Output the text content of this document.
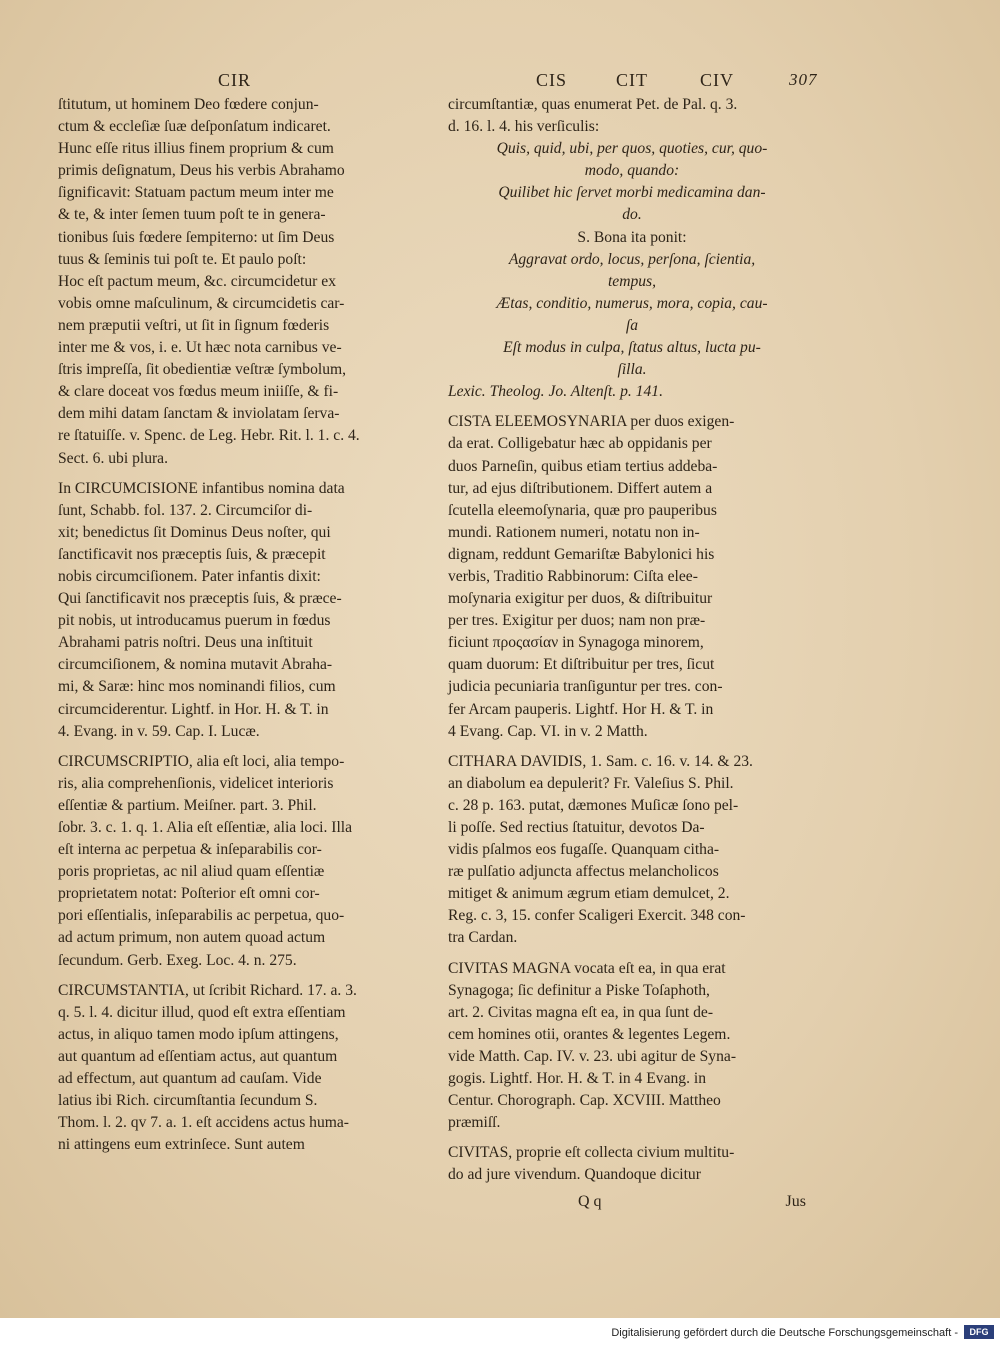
CIR
ſtitutum, ut hominem Deo fœdere conjun-
ctum & eccleſiæ ſuæ deſponſatum indicaret.
Hunc eſſe ritus illius finem proprium & cum
primis deſignatum, Deus his verbis Abrahamo
ſignificavit: Statuam pactum meum inter me
& te, & inter ſemen tuum poſt te in genera-
tionibus ſuis fœdere ſempiterno: ut ſim Deus
tuus & ſeminis tui poſt te. Et paulo poſt:
Hoc eſt pactum meum, &c. circumcidetur ex
vobis omne maſculinum, & circumcidetis car-
nem præputii veſtri, ut ſit in ſignum fœderis
inter me & vos, i. e. Ut hæc nota carnibus ve-
ſtris impreſſa, ſit obedientiæ veſtræ ſymbolum,
& clare doceat vos fœdus meum iniiſſe, & fi-
dem mihi datam ſanctam & inviolatam ſerva-
re ſtatuiſſe. v. Spenc. de Leg. Hebr. Rit. l. 1. c. 4.
Sect. 6. ubi plura.
In CIRCUMCISIONE infantibus nomina data
ſunt, Schabb. fol. 137. 2. Circumciſor di-
xit; benedictus ſit Dominus Deus noſter, qui
ſanctificavit nos præceptis ſuis, & præcepit
nobis circumciſionem. Pater infantis dixit:
Qui ſanctificavit nos præceptis ſuis, & præce-
pit nobis, ut introducamus puerum in fœdus
Abrahami patris noſtri. Deus una inſtituit
circumciſionem, & nomina mutavit Abraha-
mi, & Saræ: hinc mos nominandi filios, cum
circumciderentur. Lightf. in Hor. H. & T. in
4. Evang. in v. 59. Cap. I. Lucæ.
CIRCUMSCRIPTIO, alia eſt loci, alia tempo-
ris, alia comprehenſionis, videlicet interioris
eſſentiæ & partium. Meiſner. part. 3. Phil.
ſobr. 3. c. 1. q. 1. Alia eſt eſſentiæ, alia loci. Illa
eſt interna ac perpetua & inſeparabilis cor-
poris proprietas, ac nil aliud quam eſſentiæ
proprietatem notat: Poſterior eſt omni cor-
pori eſſentialis, inſeparabilis ac perpetua, quo-
ad actum primum, non autem quoad actum
ſecundum. Gerb. Exeg. Loc. 4. n. 275.
CIRCUMSTANTIA, ut ſcribit Richard. 17. a. 3.
q. 5. l. 4. dicitur illud, quod eſt extra eſſentiam
actus, in aliquo tamen modo ipſum attingens,
aut quantum ad eſſentiam actus, aut quantum
ad effectum, aut quantum ad cauſam. Vide
latius ibi Rich. circumſtantia ſecundum S.
Thom. l. 2. qv 7. a. 1. eſt accidens actus huma-
ni attingens eum extrinſece. Sunt autem
CIS	CIT	CIV	307
circumſtantiæ, quas enumerat Pet. de Pal. q. 3.
d. 16. l. 4. his verſiculis:
Quis, quid, ubi, per quos, quoties, cur, quo-
modo, quando:
Quilibet hic ſervet morbi medicamina dan-
do.
S. Bona ita ponit:
Aggravat ordo, locus, perſona, ſcientia,
tempus,
Ætas, conditio, numerus, mora, copia, cau-
ſa
Eſt modus in culpa, ſtatus altus, lucta pu-
ſilla.
Lexic. Theolog. Jo. Altenſt. p. 141.
CISTA ELEEMOSYNARIA per duos exigen-
da erat. Colligebatur hæc ab oppidanis per
duos Parneſin, quibus etiam tertius addeba-
tur, ad ejus diſtributionem. Differt autem a
ſcutella eleemoſynaria, quæ pro pauperibus
mundi. Rationem numeri, notatu non in-
dignam, reddunt Gemariſtæ Babylonici his
verbis, Traditio Rabbinorum: Ciſta elee-
moſynaria exigitur per duos, & diſtribuitur
per tres. Exigitur per duos; nam non præ-
ficiunt προςασίαν in Synagoga minorem,
quam duorum: Et diſtribuitur per tres, ſicut
judicia pecuniaria tranſiguntur per tres. con-
fer Arcam pauperis. Lightf. Hor H. & T. in
4 Evang. Cap. VI. in v. 2 Matth.
CITHARA DAVIDIS, 1. Sam. c. 16. v. 14. & 23.
an diabolum ea depulerit? Fr. Valeſius S. Phil.
c. 28 p. 163. putat, dæmones Muſicæ ſono pel-
li poſſe. Sed rectius ſtatuitur, devotos Da-
vidis pſalmos eos fugaſſe. Quanquam citha-
ræ pulſatio adjuncta affectus melancholicos
mitiget & animum ægrum etiam demulcet, 2.
Reg. c. 3, 15. confer Scaligeri Exercit. 348 con-
tra Cardan.
CIVITAS MAGNA vocata eſt ea, in qua erat
Synagoga; ſic definitur a Piske Toſaphoth,
art. 2. Civitas magna eſt ea, in qua ſunt de-
cem homines otii, orantes & legentes Legem.
vide Matth. Cap. IV. v. 23. ubi agitur de Syna-
gogis. Lightf. Hor. H. & T. in 4 Evang. in
Centur. Chorograph. Cap. XCVIII. Mattheo
præmiſſ.
CIVITAS, proprie eſt collecta civium multitu-
do ad jure vivendum. Quandoque dicitur
Q q	Jus
Digitalisierung gefördert durch die Deutsche Forschungsgemeinschaft -	DFG
